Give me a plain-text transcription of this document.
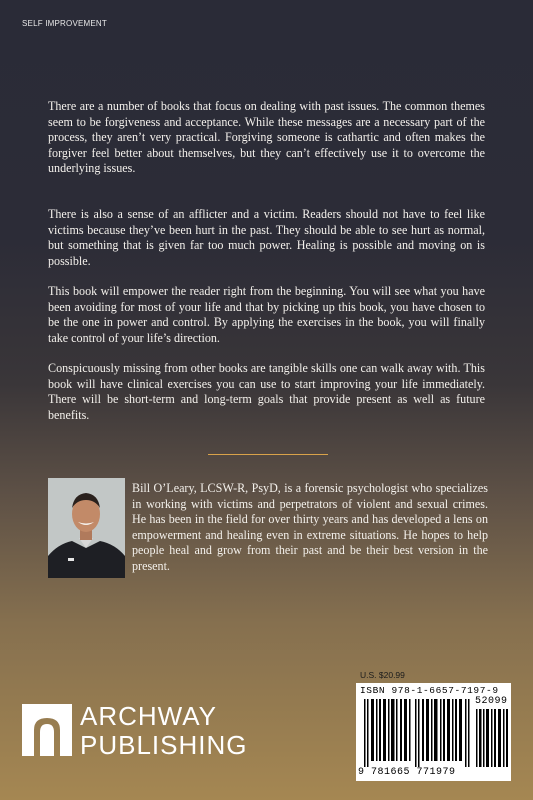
SELF IMPROVEMENT

There are a number of books that focus on dealing with past issues. The common themes seem to be forgiveness and acceptance. While these messages are a necessary part of the process, they aren’t very practical. Forgiving someone is cathartic and often makes the forgiver feel better about themselves, but they can’t effectively use it to overcome the underlying issues.

There is also a sense of an afflicter and a victim. Readers should not have to feel like victims because they’ve been hurt in the past. They should be able to see hurt as normal, but something that is given far too much power. Healing is possible and moving on is possible.

This book will empower the reader right from the beginning. You will see what you have been avoiding for most of your life and that by picking up this book, you have chosen to be the one in power and control. By applying the exercises in the book, you will finally take control of your life’s direction.

Conspicuously missing from other books are tangible skills one can walk away with. This book will have clinical exercises you can use to start improving your life immediately. There will be short-term and long-term goals that provide present as well as future benefits.

Bill O’Leary, LCSW-R, PsyD, is a forensic psychologist who specializes in working with victims and perpetrators of violent and sexual crimes. He has been in the field for over thirty years and has developed a lens on empowerment and healing even in extreme situations. He hopes to help people heal and grow from their past and be their best version in the present.

U.S. $20.99
ISBN 978-1-6657-7197-9
52099
9 781665 771979
ARCHWAY
PUBLISHING
